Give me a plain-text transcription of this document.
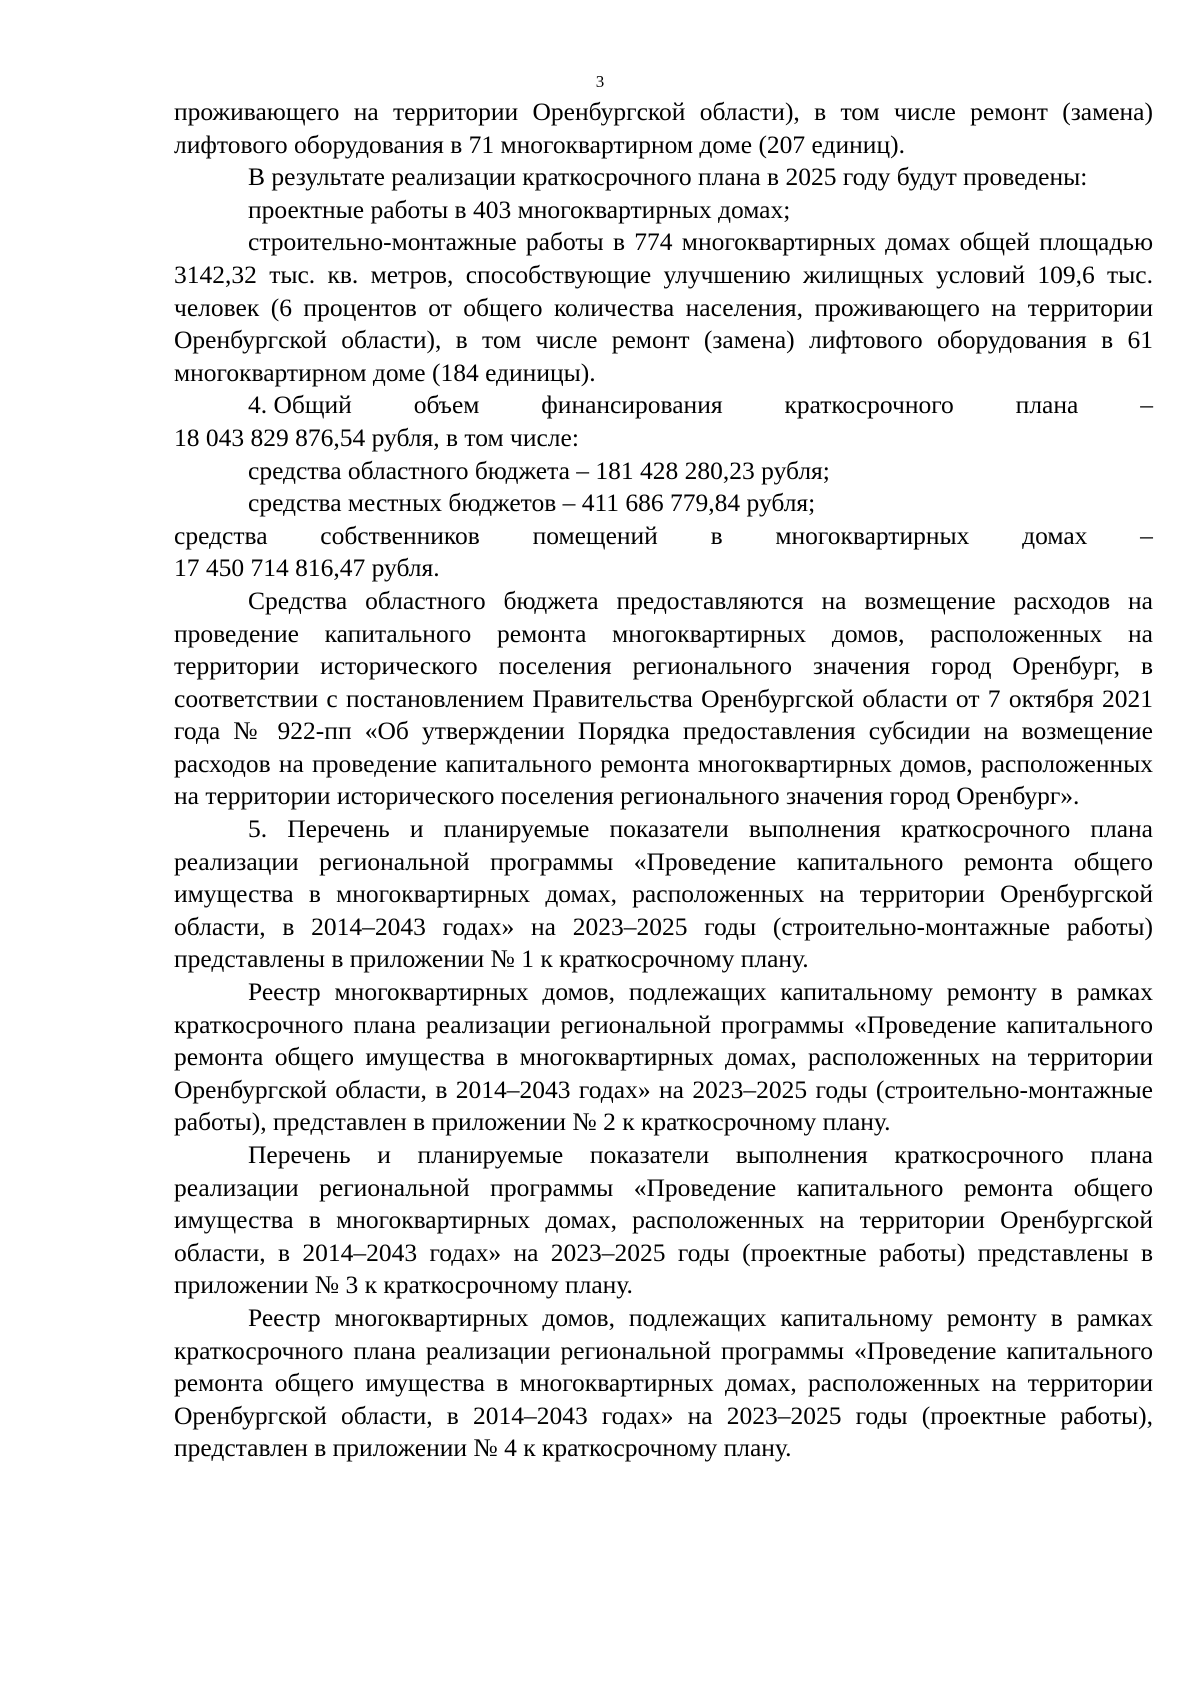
3

проживающего на территории Оренбургской области), в том числе ремонт (замена) лифтового оборудования в 71 многоквартирном доме (207 единиц).

В результате реализации краткосрочного плана в 2025 году будут проведены:

проектные работы в 403 многоквартирных домах;

строительно-монтажные работы в 774 многоквартирных домах общей площадью 3142,32 тыс. кв. метров, способствующие улучшению жилищных условий 109,6 тыс. человек (6 процентов от общего количества населения, проживающего на территории Оренбургской области), в том числе ремонт (замена) лифтового оборудования в 61 многоквартирном доме (184 единицы).

4. Общий объем финансирования краткосрочного плана –

18 043 829 876,54 рубля, в том числе:

средства областного бюджета – 181 428 280,23 рубля;

средства местных бюджетов – 411 686 779,84 рубля;

средства собственников помещений в многоквартирных домах –

17 450 714 816,47 рубля.

Средства областного бюджета предоставляются на возмещение расходов на проведение капитального ремонта многоквартирных домов, расположенных на территории исторического поселения регионального значения город Оренбург, в соответствии с постановлением Правительства Оренбургской области от 7 октября 2021 года № 922-пп «Об утверждении Порядка предоставления субсидии на возмещение расходов на проведение капитального ремонта многоквартирных домов, расположенных на территории исторического поселения регионального значения город Оренбург».

5. Перечень и планируемые показатели выполнения краткосрочного плана реализации региональной программы «Проведение капитального ремонта общего имущества в многоквартирных домах, расположенных на территории Оренбургской области, в 2014–2043 годах» на 2023–2025 годы (строительно-монтажные работы) представлены в приложении № 1 к краткосрочному плану.

Реестр многоквартирных домов, подлежащих капитальному ремонту в рамках краткосрочного плана реализации региональной программы «Проведение капитального ремонта общего имущества в многоквартирных домах, расположенных на территории Оренбургской области, в 2014–2043 годах» на 2023–2025 годы (строительно-монтажные работы), представлен в приложении № 2 к краткосрочному плану.

Перечень и планируемые показатели выполнения краткосрочного плана реализации региональной программы «Проведение капитального ремонта общего имущества в многоквартирных домах, расположенных на территории Оренбургской области, в 2014–2043 годах» на 2023–2025 годы (проектные работы) представлены в приложении № 3 к краткосрочному плану.

Реестр многоквартирных домов, подлежащих капитальному ремонту в рамках краткосрочного плана реализации региональной программы «Проведение капитального ремонта общего имущества в многоквартирных домах, расположенных на территории Оренбургской области, в 2014–2043 годах» на 2023–2025 годы (проектные работы), представлен в приложении № 4 к краткосрочному плану.
